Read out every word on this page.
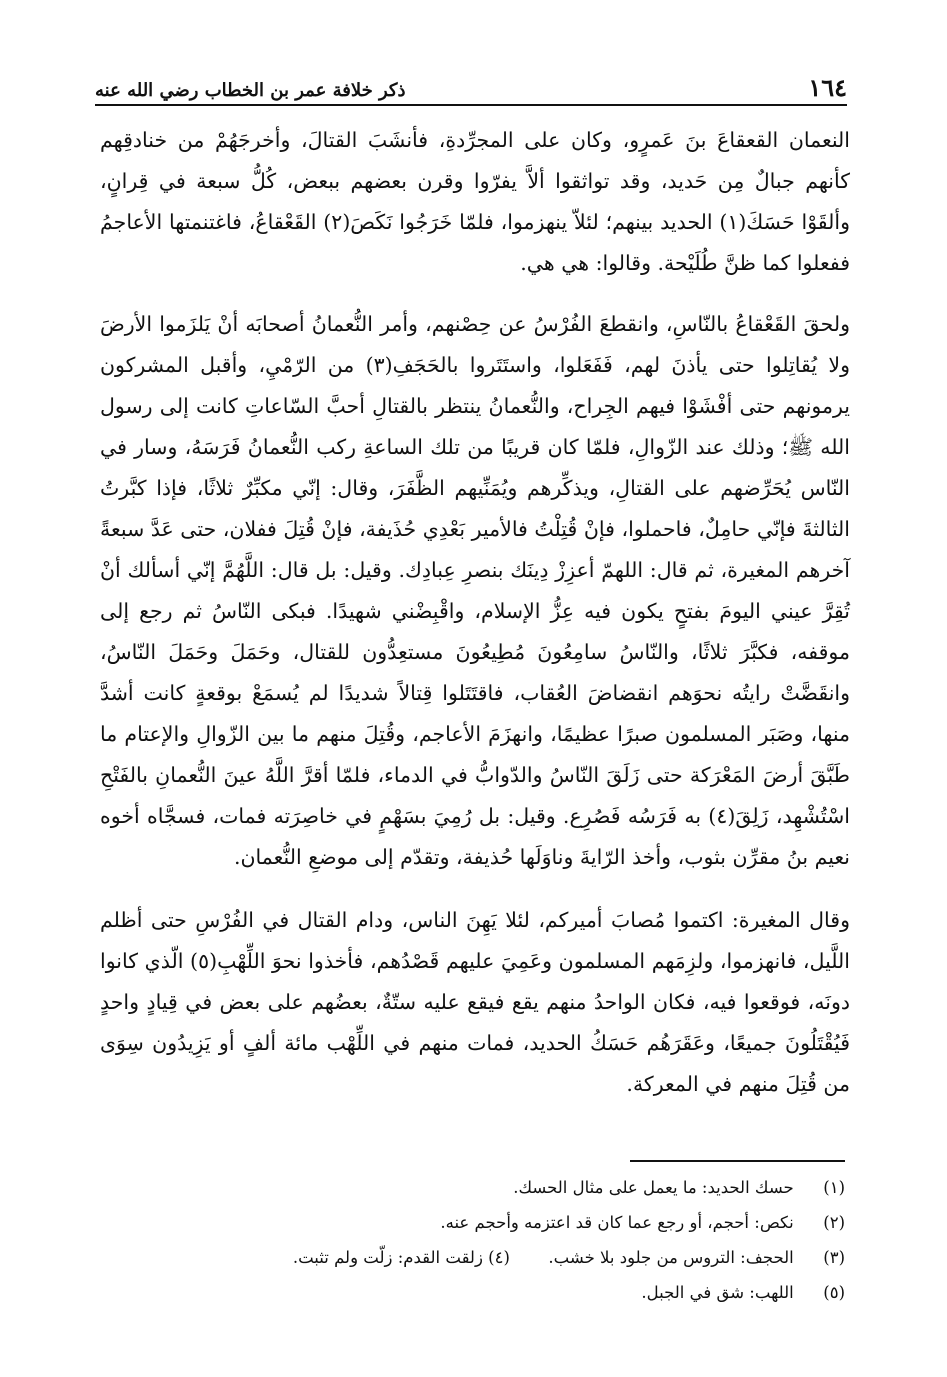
١٦٤
ذكر خلافة عمر بن الخطاب رضي الله عنه

النعمان القعقاعَ بنَ عَمرٍو، وكان على المجرِّدةِ، فأنشَبَ القتالَ، وأخرجَهُمْ من خنادقِهم كأنهم جبالٌ مِن حَديد، وقد تواثقوا ألاَّ يفرّوا وقرن بعضهم ببعض، كُلُّ سبعة في قِرانٍ، وألقَوْا حَسَكَ(١) الحديد بينهم؛ لئلاّ ينهزموا، فلمّا خَرَجُوا نَكَصَ(٢) القَعْقاعُ، فاغتنمتها الأعاجمُ ففعلوا كما ظنَّ طُلَيْحة. وقالوا: هي هي.

ولحقَ القَعْقاعُ بالنّاسِ، وانقطعَ الفُرْسُ عن حِصْنهم، وأمر النُّعمانُ أصحابَه أنْ يَلزَموا الأرضَ ولا يُقاتِلوا حتى يأذنَ لهم، فَفَعَلوا، واستَتَروا بالحَجَفِ(٣) من الرّمْيِ، وأقبل المشركون يرمونهم حتى أفْشَوْا فيهم الجِراح، والنُّعمانُ ينتظر بالقتالِ أحبَّ السّاعاتِ كانت إلى رسول الله ﷺ؛ وذلك عند الزّوالِ، فلمّا كان قريبًا من تلك الساعةِ ركب النُّعمانُ فَرَسَهُ، وسار في النّاس يُحَرِّضهم على القتالِ، ويذكِّرهم ويُمَنِّيهم الظَّفَرَ، وقال: إنّي مكبِّرٌ ثلاثًا، فإذا كبَّرتُ الثالثةَ فإنّي حامِلٌ، فاحملوا، فإنْ قُتِلْتُ فالأمير بَعْدِي حُذَيفة، فإنْ قُتِلَ ففلان، حتى عَدَّ سبعةً آخرهم المغيرة، ثم قال: اللهمّ أعزِزْ دِينَك بنصرِ عِبادِك. وقيل: بل قال: اللَّهُمَّ إنّي أسألك أنْ تُقِرَّ عيني اليومَ بفتحٍ يكون فيه عِزُّ الإسلام، واقْبِضْني شهيدًا. فبكى النّاسُ ثم رجع إلى موقفه، فكبَّرَ ثلاثًا، والنّاسُ سامِعُونَ مُطِيعُونَ مستعِدُّون للقتال، وحَمَلَ وحَمَلَ النّاسُ، وانقَضَّتْ رايتُه نحوَهم انقضاضَ العُقاب، فاقتَتَلوا قِتالاً شديدًا لم يُسمَعْ بوقعةٍ كانت أشدَّ منها، وصَبَر المسلمون صبرًا عظيمًا، وانهزَمَ الأعاجم، وقُتِلَ منهم ما بين الزّوالِ والإعتام ما طَبَّقَ أرضَ المَعْرَكة حتى زَلَقَ النّاسُ والدّوابُّ في الدماء، فلمّا أقرَّ اللَّهُ عينَ النُّعمانِ بالفَتْحِ اسْتُشْهِد، زَلِقَ(٤) به فَرَسُه فَصُرِع. وقيل: بل رُمِيَ بسَهْمٍ في خاصِرَته فمات، فسجَّاه أخوه نعيم بنُ مقرِّن بثوب، وأخذ الرّايةَ وناوَلَها حُذيفة، وتقدّم إلى موضعِ النُّعمان.

وقال المغيرة: اكتموا مُصابَ أميركم، لئلا يَهِنَ الناس، ودام القتال في الفُرْسِ حتى أظلم اللَّيل، فانهزموا، ولزِمَهم المسلمون وعَمِيَ عليهم قَصْدُهم، فأخذوا نحوَ اللِّهْبِ(٥) الّذي كانوا دونَه، فوقعوا فيه، فكان الواحدُ منهم يقع فيقع عليه ستّةٌ، بعضُهم على بعض في قِيادٍ واحدٍ فَيُقْتَلُونَ جميعًا، وعَقَرَهُم حَسَكُ الحديد، فمات منهم في اللِّهْب مائة ألفٍ أو يَزِيدُون سِوَى من قُتِلَ منهم في المعركة.

(١) حسك الحديد: ما يعمل على مثال الحسك.
(٢) نكص: أحجم، أو رجع عما كان قد اعتزمه وأحجم عنه.
(٣) الحجف: التروس من جلود بلا خشب.  (٤) زلقت القدم: زلّت ولم تثبت.
(٥) اللهب: شق في الجبل.
